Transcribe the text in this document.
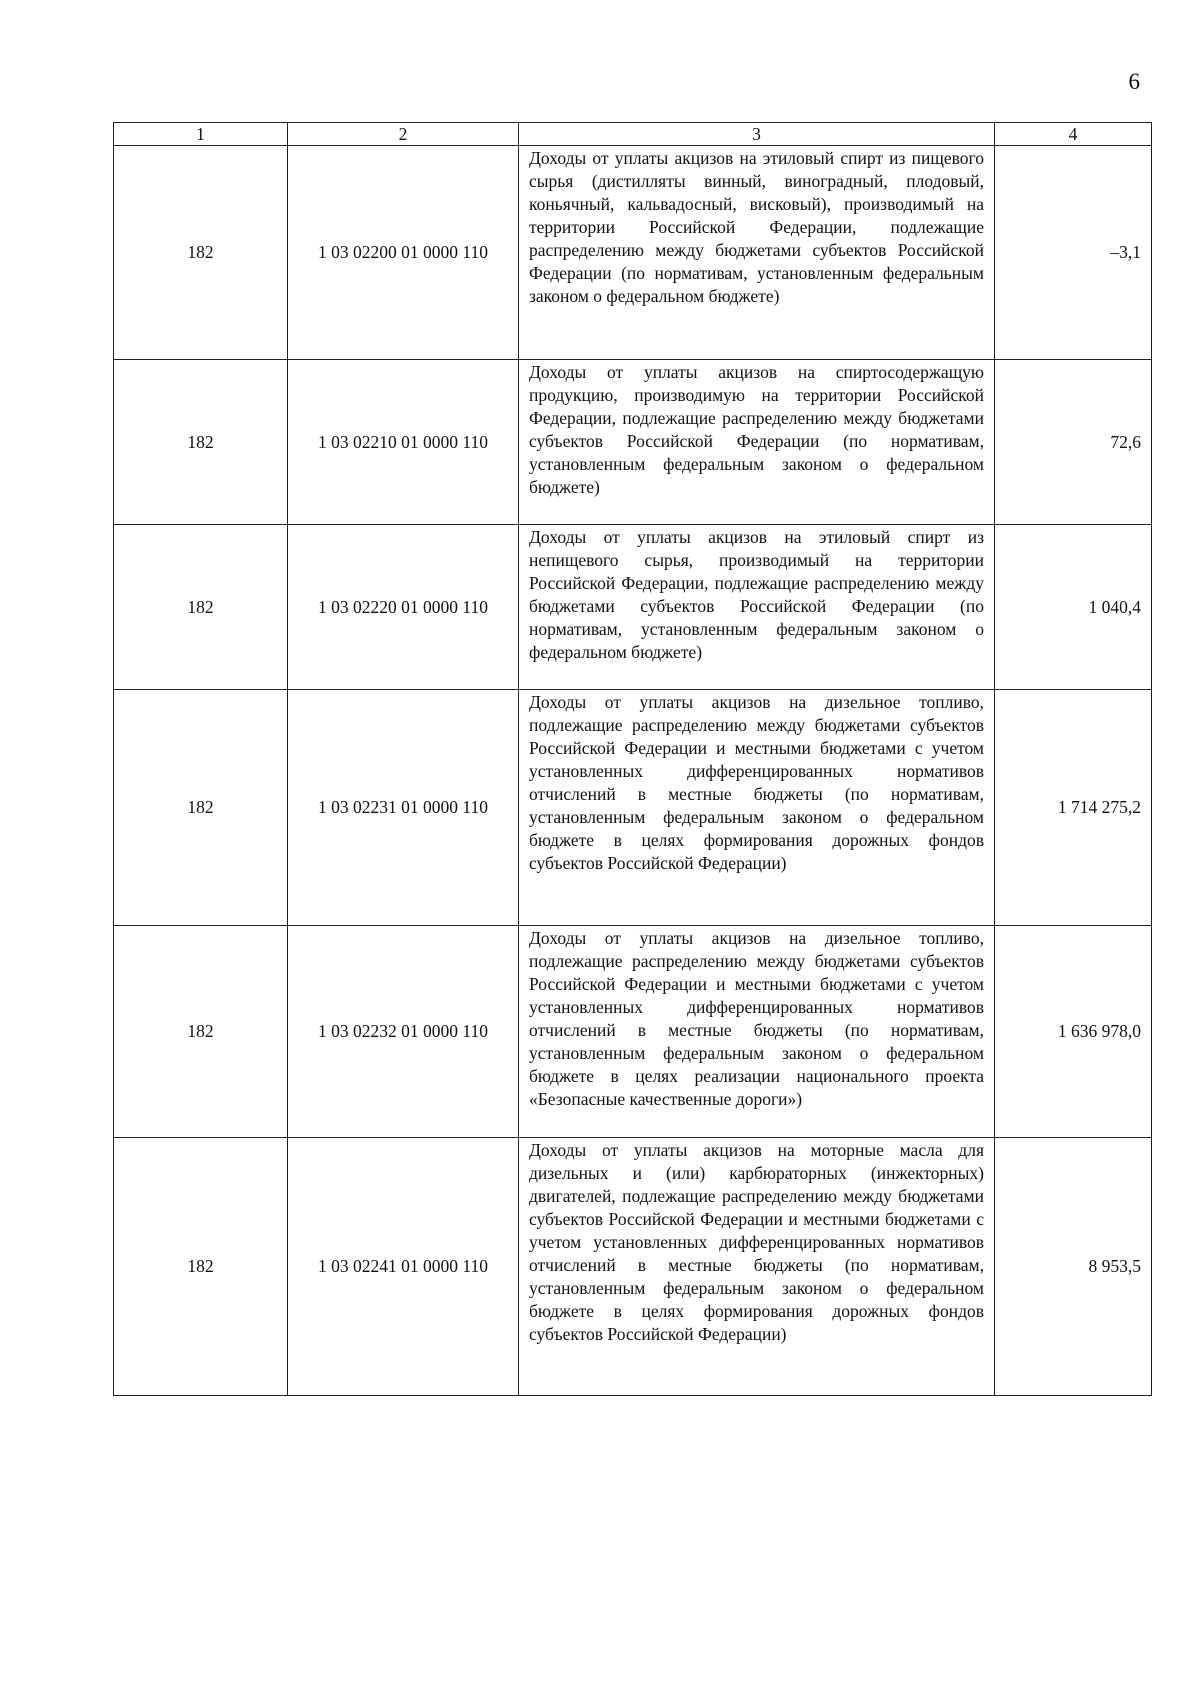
6
1	2	3	4
182	1 03 02200 01 0000 110	Доходы от уплаты акцизов на этиловый спирт из пищевого сырья (дистилляты винный, виноградный, плодовый, коньячный, кальвадосный, висковый), производимый на территории Российской Федерации, подлежащие распределению между бюджетами субъектов Российской Федерации (по нормативам, установленным федеральным законом о федеральном бюджете)	–3,1
182	1 03 02210 01 0000 110	Доходы от уплаты акцизов на спиртосодержащую продукцию, производимую на территории Российской Федерации, подлежащие распределению между бюджетами субъектов Российской Федерации (по нормативам, установленным федеральным законом о федеральном бюджете)	72,6
182	1 03 02220 01 0000 110	Доходы от уплаты акцизов на этиловый спирт из непищевого сырья, производимый на территории Российской Федерации, подлежащие распределению между бюджетами субъектов Российской Федерации (по нормативам, установленным федеральным законом о федеральном бюджете)	1 040,4
182	1 03 02231 01 0000 110	Доходы от уплаты акцизов на дизельное топливо, подлежащие распределению между бюджетами субъектов Российской Федерации и местными бюджетами с учетом установленных дифференцированных нормативов отчислений в местные бюджеты (по нормативам, установленным федеральным законом о федеральном бюджете в целях формирования дорожных фондов субъектов Российской Федерации)	1 714 275,2
182	1 03 02232 01 0000 110	Доходы от уплаты акцизов на дизельное топливо, подлежащие распределению между бюджетами субъектов Российской Федерации и местными бюджетами с учетом установленных дифференцированных нормативов отчислений в местные бюджеты (по нормативам, установленным федеральным законом о федеральном бюджете в целях реализации национального проекта «Безопасные качественные дороги»)	1 636 978,0
182	1 03 02241 01 0000 110	Доходы от уплаты акцизов на моторные масла для дизельных и (или) карбюраторных (инжекторных) двигателей, подлежащие распределению между бюджетами субъектов Российской Федерации и местными бюджетами с учетом установленных дифференцированных нормативов отчислений в местные бюджеты (по нормативам, установленным федеральным законом о федеральном бюджете в целях формирования дорожных фондов субъектов Российской Федерации)	8 953,5
